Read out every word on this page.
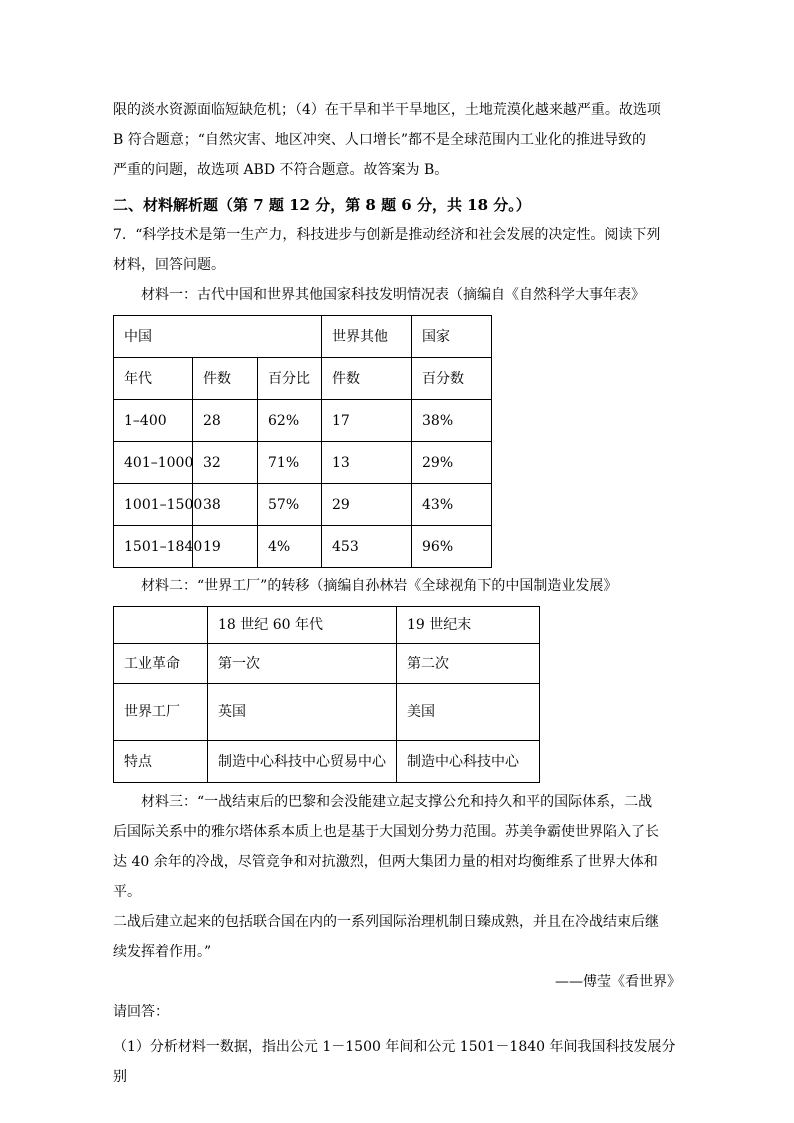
限的淡水资源面临短缺危机；（4）在干旱和半干旱地区，土地荒漠化越来越严重。故选项
B 符合题意；“自然灾害、地区冲突、人口增长”都不是全球范围内工业化的推进导致的
严重的问题，故选项 ABD 不符合题意。故答案为 B。
二、材料解析题（第 7 题 12 分，第 8 题 6 分，共 18 分。）
7.  “科学技术是第一生产力，科技进步与创新是推动经济和社会发展的决定性。阅读下列
材料，回答问题。
材料一：古代中国和世界其他国家科技发明情况表（摘编自《自然科学大事年表》
中国			世界其他	国家
年代	件数	百分比	件数	百分数
1–400	28	62%	17	38%
401–1000	32	71%	13	29%
1001–1500	38	57%	29	43%
1501–1840	19	4%	453	96%
材料二：“世界工厂”的转移（摘编自孙林岩《全球视角下的中国制造业发展》
	18 世纪 60 年代	19 世纪末
工业革命	第一次	第二次
世界工厂	英国	美国
特点	制造中心科技中心贸易中心	制造中心科技中心
材料三：“一战结束后的巴黎和会没能建立起支撑公允和持久和平的国际体系，二战
后国际关系中的雅尔塔体系本质上也是基于大国划分势力范围。苏美争霸使世界陷入了长
达 40 余年的冷战，尽管竞争和对抗激烈，但两大集团力量的相对均衡维系了世界大体和平。
二战后建立起来的包括联合国在内的一系列国际治理机制日臻成熟，并且在冷战结束后继
续发挥着作用。”
——傅莹《看世界》
请回答：
（1）分析材料一数据，指出公元 1－1500 年间和公元 1501－1840 年间我国科技发展分别
